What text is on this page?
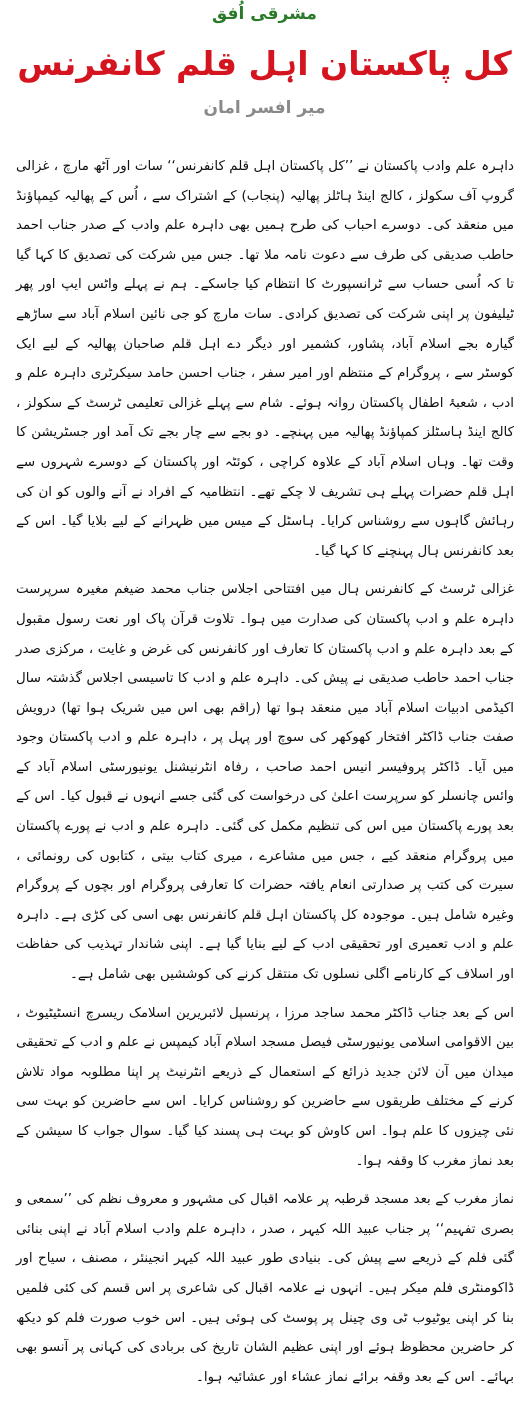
مشرقی اُفق
کل پاکستان اہل قلم کانفرنس
میر افسر امان

داہرہ علم وادب پاکستان نے ’’کل پاکستان اہل قلم کانفرنس‘‘ سات اور آٹھ مارچ ، غزالی گروپ آف سکولز ، کالج اینڈ ہاٹلز پھالیہ (پنجاب) کے اشتراک سے ، اُس کے پھالیہ کیمپاؤنڈ میں منعقد کی۔ دوسرے احباب کی طرح ہمیں بھی داہرہ علم وادب کے صدر جناب احمد حاطب صدیقی کی طرف سے دعوت نامہ ملا تھا۔ جس میں شرکت کی تصدیق کا کہا گیا تا کہ اُسی حساب سے ٹرانسپورٹ کا انتظام کیا جاسکے۔ ہم نے پہلے واٹس ایپ اور پھر ٹیلیفون پر اپنی شرکت کی تصدیق کرادی۔ سات مارچ کو جی نائین اسلام آباد سے ساڑھے گیارہ بجے اسلام آباد، پشاور، کشمیر اور دیگر دے اہل قلم صاحبان پھالیہ کے لیے ایک کوسٹر سے ، پروگرام کے منتظم اور امیر سفر ، جناب احسن حامد سیکرٹری داہرہ علم و ادب ، شعبۂ اطفال پاکستان روانہ ہوئے۔ شام سے پہلے غزالی تعلیمی ٹرسٹ کے سکولز ، کالج اینڈ ہاسٹلز کمپاؤنڈ پھالیہ میں پہنچے۔ دو بجے سے چار بجے تک آمد اور جسٹریشن کا وقت تھا۔ وہاں اسلام آباد کے علاوہ کراچی ، کوئٹہ اور پاکستان کے دوسرے شہروں سے اہل قلم حضرات پہلے ہی تشریف لا چکے تھے۔ انتظامیہ کے افراد نے آنے والوں کو ان کی رہائش گاہوں سے روشناس کرایا۔ ہاسٹل کے میس میں ظہرانے کے لیے بلایا گیا۔ اس کے بعد کانفرنس ہال پہنچنے کا کہا گیا۔

غزالی ٹرسٹ کے کانفرنس ہال میں افتتاحی اجلاس جناب محمد ضیغم مغیرہ سرپرست داہرہ علم و ادب پاکستان کی صدارت میں ہوا۔ تلاوت قرآن پاک اور نعت رسول مقبول کے بعد داہرہ علم و ادب پاکستان کا تعارف اور کانفرنس کی غرض و غایت ، مرکزی صدر جناب احمد حاطب صدیقی نے پیش کی۔ داہرہ علم و ادب کا تاسیسی اجلاس گذشتہ سال اکیڈمی ادبیات اسلام آباد میں منعقد ہوا تھا (راقم بھی اس میں شریک ہوا تھا) درویش صفت جناب ڈاکٹر افتخار کھوکھر کی سوچ اور پہل پر ، داہرہ علم و ادب پاکستان وجود میں آیا۔ ڈاکٹر پروفیسر انیس احمد صاحب ، رفاہ انٹرنیشنل یونیورسٹی اسلام آباد کے وائس چانسلر کو سرپرست اعلیٰ کی درخواست کی گئی جسے انہوں نے قبول کیا۔ اس کے بعد پورے پاکستان میں اس کی تنظیم مکمل کی گئی۔ داہرہ علم و ادب نے پورے پاکستان میں پروگرام منعقد کیے ، جس میں مشاعرے ، میری کتاب بیتی ، کتابوں کی رونمائی ، سیرت کی کتب پر صدارتی انعام یافتہ حضرات کا تعارفی پروگرام اور بچوں کے پروگرام وغیرہ شامل ہیں۔ موجودہ کل پاکستان اہل قلم کانفرنس بھی اسی کی کڑی ہے۔ داہرہ علم و ادب تعمیری اور تحقیقی ادب کے لیے بنایا گیا ہے۔ اپنی شاندار تہذیب کی حفاظت اور اسلاف کے کارنامے اگلی نسلوں تک منتقل کرنے کی کوششیں بھی شامل ہے۔

اس کے بعد جناب ڈاکٹر محمد ساجد مرزا ، پرنسپل لائبریرین اسلامک ریسرچ انسٹیٹیوٹ ، بین الاقوامی اسلامی یونیورسٹی فیصل مسجد اسلام آباد کیمپس نے علم و ادب کے تحقیقی میدان میں آن لائن جدید ذرائع کے استعمال کے ذریعے انٹرنیٹ پر اپنا مطلوبہ مواد تلاش کرنے کے مختلف طریقوں سے حاضرین کو روشناس کرایا۔ اس سے حاضرین کو بہت سی نئی چیزوں کا علم ہوا۔ اس کاوش کو بہت ہی پسند کیا گیا۔ سوال جواب کا سیشن کے بعد نماز مغرب کا وقفہ ہوا۔

نماز مغرب کے بعد مسجد قرطبہ پر علامہ اقبال کی مشہور و معروف نظم کی ’’سمعی و بصری تفہیم‘‘ پر جناب عبید اللہ کیہر ، صدر ، داہرہ علم وادب اسلام آباد نے اپنی بنائی گئی فلم کے ذریعے سے پیش کی۔ بنیادی طور عبید اللہ کیہر انجینئر ، مصنف ، سیاح اور ڈاکومنٹری فلم میکر ہیں۔ انہوں نے علامہ اقبال کی شاعری پر اس قسم کی کئی فلمیں بنا کر اپنی یوٹیوب ٹی وی چینل پر پوسٹ کی ہوئی ہیں۔ اس خوب صورت فلم کو دیکھ کر حاضرین محظوظ ہوئے اور اپنی عظیم الشان تاریخ کی بربادی کی کہانی پر آنسو بھی بہائے۔ اس کے بعد وقفہ برائے نماز عشاء اور عشائیہ ہوا۔
